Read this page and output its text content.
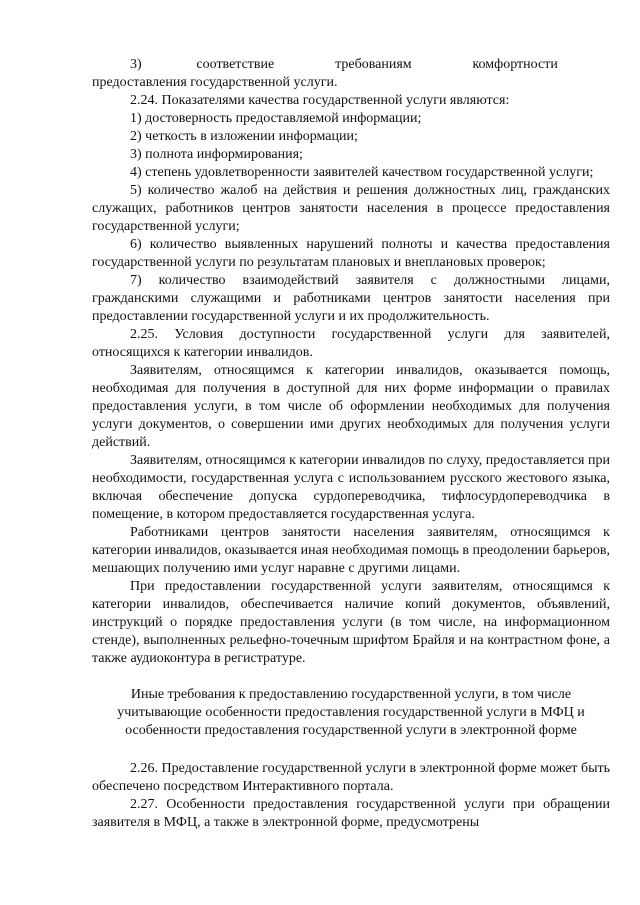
3)         соответствие          требованиям          комфортности          предоставления государственной услуги.

2.24. Показателями качества государственной услуги являются:

1) достоверность предоставляемой информации;

2) четкость в изложении информации;

3) полнота информирования;

4) степень удовлетворенности заявителей качеством государственной услуги;

5) количество жалоб на действия и решения должностных лиц, гражданских служащих, работников центров занятости населения в процессе предоставления государственной услуги;

6) количество выявленных нарушений полноты и качества предоставления государственной услуги по результатам плановых и внеплановых проверок;

7) количество взаимодействий заявителя с должностными лицами, гражданскими служащими и работниками центров занятости населения при предоставлении государственной услуги и их продолжительность.

2.25. Условия доступности государственной услуги для заявителей, относящихся к категории инвалидов.

Заявителям, относящимся к категории инвалидов, оказывается помощь, необходимая для получения в доступной для них форме информации о правилах предоставления услуги, в том числе об оформлении необходимых для получения услуги документов, о совершении ими других необходимых для получения услуги действий.

Заявителям, относящимся к категории инвалидов по слуху, предоставляется при необходимости, государственная услуга с использованием русского жестового языка, включая обеспечение допуска сурдопереводчика, тифлосурдопереводчика в помещение, в котором предоставляется государственная услуга.

Работниками центров занятости населения заявителям, относящимся к категории инвалидов, оказывается иная необходимая помощь в преодолении барьеров, мешающих получению ими услуг наравне с другими лицами.

При предоставлении государственной услуги заявителям, относящимся к категории инвалидов, обеспечивается наличие копий документов, объявлений, инструкций о порядке предоставления услуги (в том числе, на информационном стенде), выполненных рельефно-точечным шрифтом Брайля и на контрастном фоне, а также аудиоконтура в регистратуре.

Иные требования к предоставлению государственной услуги, в том числе учитывающие особенности предоставления государственной услуги в МФЦ и особенности предоставления государственной услуги в электронной форме

2.26. Предоставление государственной услуги в электронной форме может быть обеспечено посредством Интерактивного портала.

2.27. Особенности предоставления государственной услуги при обращении заявителя в МФЦ, а также в электронной форме, предусмотрены
